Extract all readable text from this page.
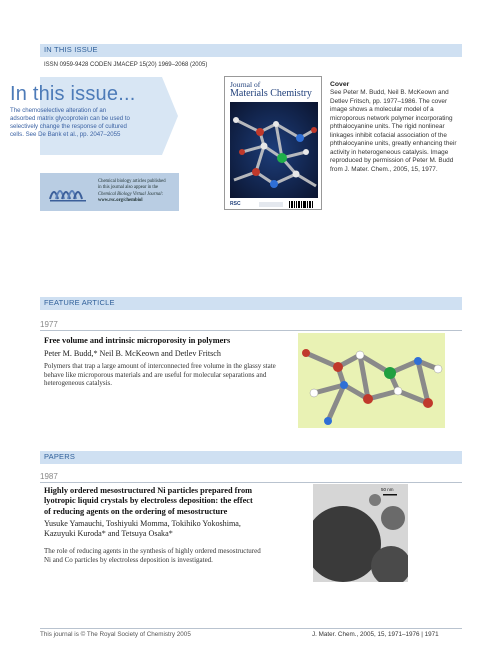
IN THIS ISSUE
ISSN 0959-9428 CODEN JMACEP 15(20) 1969–2068 (2005)
In this issue...
The chemoselective alteration of an adsorbed matrix glycoprotein can be used to selectively change the response of cultured cells. See De Bank et al., pp. 2047–2055
Chemical biology articles published
in this journal also appear in the
Chemical Biology Virtual Journal:
www.rsc.org/chembiol
Journal of
Materials Chemistry
RSC
Cover
See Peter M. Budd, Neil B. McKeown and Detlev Fritsch, pp. 1977–1986. The cover image shows a molecular model of a microporous network polymer incorporating phthalocyanine units. The rigid nonlinear linkages inhibit cofacial association of the phthalocyanine units, greatly enhancing their activity in heterogeneous catalysis. Image reproduced by permission of Peter M. Budd from J. Mater. Chem., 2005, 15, 1977.
FEATURE ARTICLE
1977
Free volume and intrinsic microporosity in polymers
Peter M. Budd,* Neil B. McKeown and Detlev Fritsch
Polymers that trap a large amount of interconnected free volume in the glassy state behave like microporous materials and are useful for molecular separations and heterogeneous catalysis.
PAPERS
1987
Highly ordered mesostructured Ni particles prepared from lyotropic liquid crystals by electroless deposition: the effect of reducing agents on the ordering of mesostructure
Yusuke Yamauchi, Toshiyuki Momma, Tokihiko Yokoshima, Kazuyuki Kuroda* and Tetsuya Osaka*
The role of reducing agents in the synthesis of highly ordered mesostructured Ni and Co particles by electroless deposition is investigated.
50 nm
This journal is © The Royal Society of Chemistry 2005	J. Mater. Chem., 2005, 15, 1971–1976 | 1971
